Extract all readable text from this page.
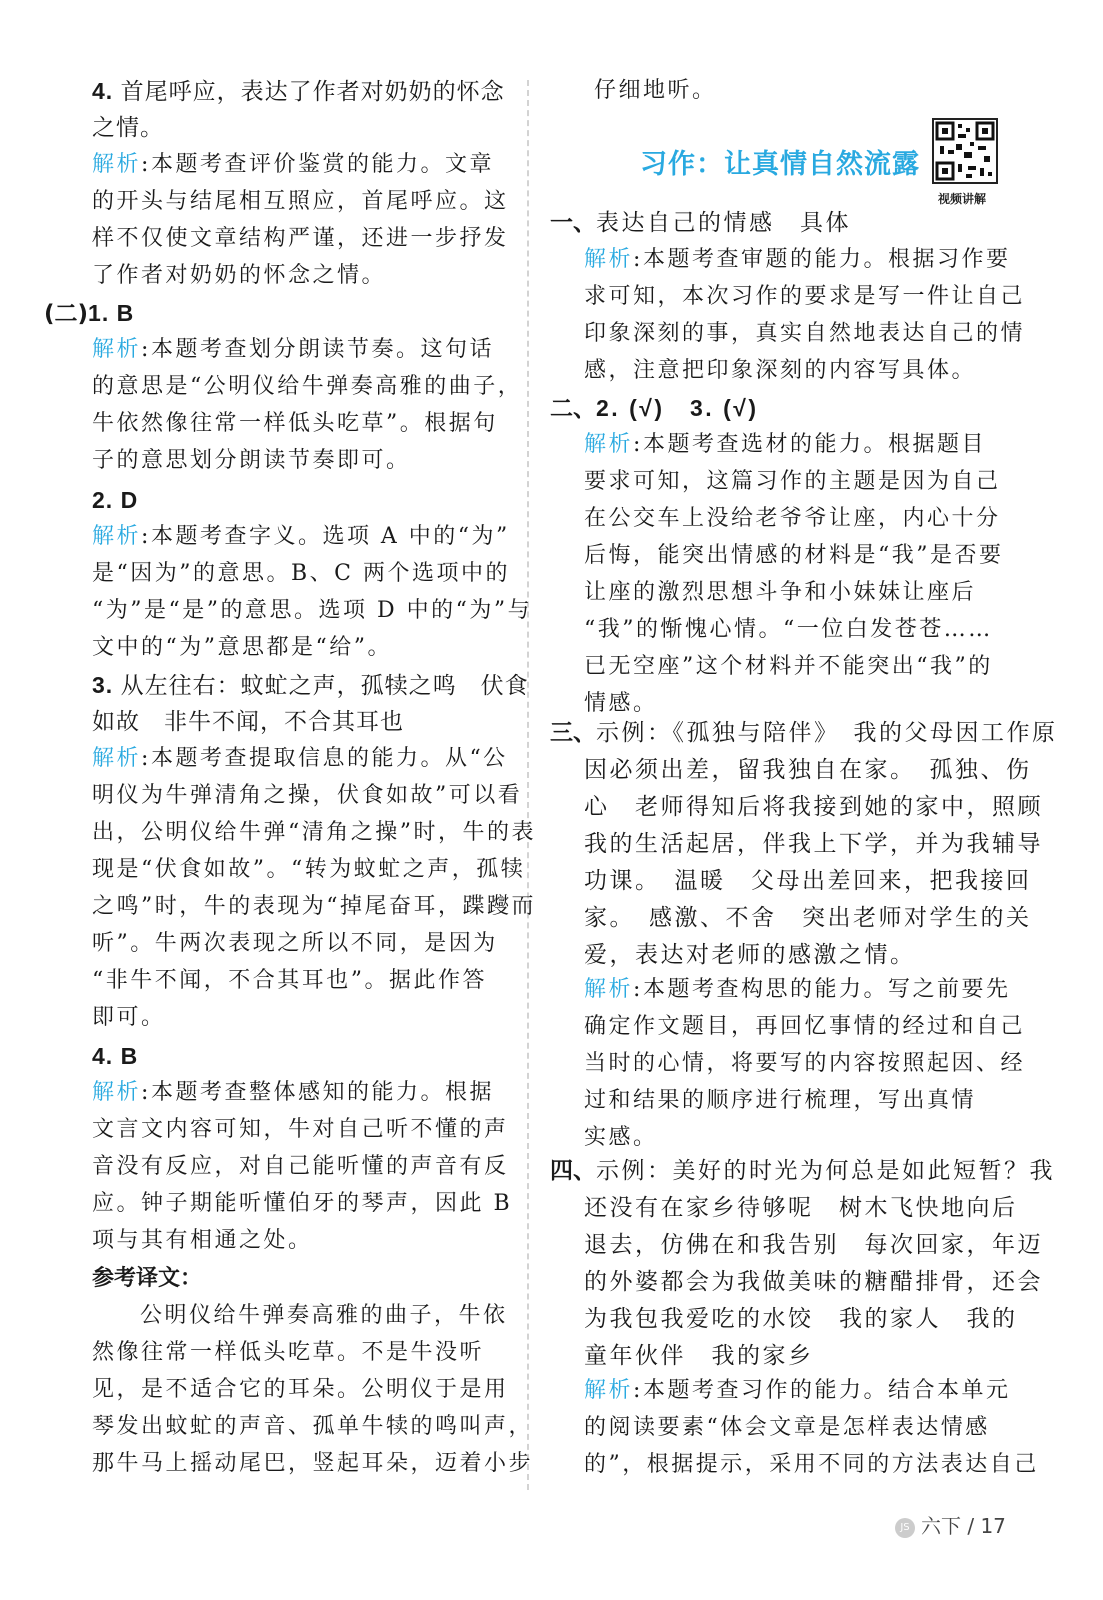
4. 首尾呼应，表达了作者对奶奶的怀念
之情。
解析:本题考查评价鉴赏的能力。文章
的开头与结尾相互照应，首尾呼应。这
样不仅使文章结构严谨，还进一步抒发
了作者对奶奶的怀念之情。
(二)1. B
解析:本题考查划分朗读节奏。这句话
的意思是“公明仪给牛弹奏高雅的曲子，
牛依然像往常一样低头吃草”。根据句
子的意思划分朗读节奏即可。
2. D
解析:本题考查字义。选项 A 中的“为”
是“因为”的意思。B、C 两个选项中的
“为”是“是”的意思。选项 D 中的“为”与
文中的“为”意思都是“给”。
3. 从左往右：蚊虻之声，孤犊之鸣　伏食
如故　非牛不闻，不合其耳也
解析:本题考查提取信息的能力。从“公
明仪为牛弹清角之操，伏食如故”可以看
出，公明仪给牛弹“清角之操”时，牛的表
现是“伏食如故”。“转为蚊虻之声，孤犊
之鸣”时，牛的表现为“掉尾奋耳，蹀躞而
听”。牛两次表现之所以不同，是因为
“非牛不闻，不合其耳也”。据此作答
即可。
4. B
解析:本题考查整体感知的能力。根据
文言文内容可知，牛对自己听不懂的声
音没有反应，对自己能听懂的声音有反
应。钟子期能听懂伯牙的琴声，因此 B
项与其有相通之处。
参考译文：
公明仪给牛弹奏高雅的曲子，牛依
然像往常一样低头吃草。不是牛没听
见，是不适合它的耳朵。公明仪于是用
琴发出蚊虻的声音、孤单牛犊的鸣叫声，
那牛马上摇动尾巴，竖起耳朵，迈着小步
习作：让真情自然流露
视频讲解
仔细地听。
一、表达自己的情感　具体
解析:本题考查审题的能力。根据习作要
求可知，本次习作的要求是写一件让自己
印象深刻的事，真实自然地表达自己的情
感，注意把印象深刻的内容写具体。
二、2. (√)　3. (√)
解析:本题考查选材的能力。根据题目
要求可知，这篇习作的主题是因为自己
在公交车上没给老爷爷让座，内心十分
后悔，能突出情感的材料是“我”是否要
让座的激烈思想斗争和小妹妹让座后
“我”的惭愧心情。“一位白发苍苍……
已无空座”这个材料并不能突出“我”的
情感。
三、示例：《孤独与陪伴》　我的父母因工作原
因必须出差，留我独自在家。　孤独、伤
心　老师得知后将我接到她的家中，照顾
我的生活起居，伴我上下学，并为我辅导
功课。　温暖　父母出差回来，把我接回
家。　感激、不舍　突出老师对学生的关
爱，表达对老师的感激之情。
解析:本题考查构思的能力。写之前要先
确定作文题目，再回忆事情的经过和自己
当时的心情，将要写的内容按照起因、经
过和结果的顺序进行梳理，写出真情
实感。
四、示例：美好的时光为何总是如此短暂？我
还没有在家乡待够呢　树木飞快地向后
退去，仿佛在和我告别　每次回家，年迈
的外婆都会为我做美味的糖醋排骨，还会
为我包我爱吃的水饺　我的家人　我的
童年伙伴　我的家乡
解析:本题考查习作的能力。结合本单元
的阅读要素“体会文章是怎样表达情感
的”，根据提示，采用不同的方法表达自己
JS 六下 / 17
